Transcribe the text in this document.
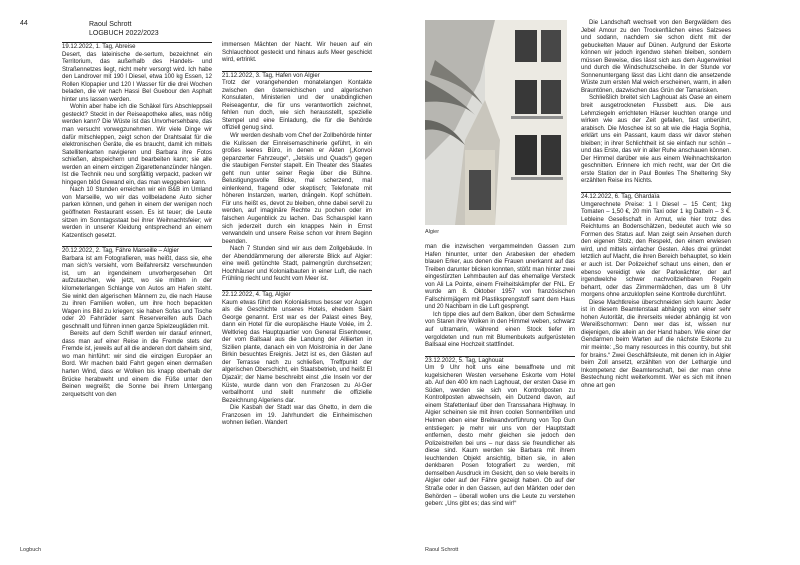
44	Raoul Schrott
LOGBUCH 2022/2023

19.12.2022, 1. Tag, Abreise

Desert, das lateinische de-sertum, bezeichnet ein Territorium, das außerhalb des Handels- und Straßennetzes liegt, nicht mehr versorgt wird. Ich habe den Landrover mit 190 l Diesel, etwa 100 kg Essen, 12 Rollen Klopapier und 120 l Wasser für die drei Wochen beladen, die wir nach Hassi Bel Guebour den Asphalt hinter uns lassen werden.

Wohin aber habe ich die Schäkel fürs Abschleppseil gesteckt? Steckt in der Reiseapotheke alles, was nötig werden kann? Die Wüste ist das Unvorhersehbare, das man versucht vorwegzunehmen. Wir viele Dinge wir dafür mitschleppen, zeigt schon der Drahtsalat für die elektronischen Geräte, die es braucht, damit ich mittels Satellitenkarten navigieren und Barbara ihre Fotos schießen, abspeichern und bearbeiten kann; sie alle werden an einem einzigen Zigarettenanzünder hängen. Ist die Technik neu und sorgfältig verpackt, packen wir hingegen blöd Gewand ein, das man weggeben kann.

Nach 10 Stunden erreichen wir ein B&B im Umland von Marseille, wo wir das vollbeladene Auto sicher parken können, und gehen in einem der wenigen noch geöffneten Restaurant essen. Es ist teuer; die Leute sitzen im Sonntagsstaat bei ihrer Weihnachtsfeier; wir werden in unserer Kleidung entsprechend an einem Katzentisch gesetzt.

20.12.2022, 2. Tag, Fähre Marseille – Algier

Barbara ist am Fotografieren, was heißt, dass sie, ehe man sich's versieht, vom Beifahrersitz verschwunden ist, um an irgendeinem unvorhergesehen Ort aufzutauchen, wie jetzt, wo sie mitten in der kilometerlangen Schlange von Autos am Hafen steht. Sie winkt den algerischen Männern zu, die nach Hause zu ihren Familien wollen, um ihre hoch bepackten Wagen ins Bild zu kriegen; sie haben Sofas und Tische oder 20 Fahrräder samt Reservereifen aufs Dach geschnallt und führen innen ganze Spielzeugläden mit.

Bereits auf dem Schiff werden wir darauf erinnert, dass man auf einer Reise in die Fremde stets der Fremde ist, jeweils auf all die anderen dort daheim sind, wo man hinführt: wir sind die einzigen Europäer an Bord. Wir machen bald Fahrt gegen einen dermaßen harten Wind, dass er Wolken bis knapp oberhalb der Brücke herabweht und einem die Füße unter den Beinen wegreißt; die Sonne bei ihrem Untergang zerquetscht von den

immensen Mächten der Nacht. Wir heuen auf ein Schlauchboot gesteckt und hinaus aufs Meer geschickt wird, ertrinkt.

21.12.2022, 3. Tag, Hafen von Algier

Trotz der vorangehenden monatelangen Kontakte zwischen den österreichischen und algerischen Konsulaten, Ministerien und der unabdinglichen Reiseagentur, die für uns verantwortlich zeichnet, fehlen nun doch, wie sich herausstellt, spezielle Stempel und eine Einladung, die für die Behörde offiziell genug sind.

Wir werden deshalb vom Chef der Zollbehörde hinter die Kulissen der Einreisemaschinerie geführt, in ein großes leeres Büro, in denen er Akten („Konvoi gepanzerter Fahrzeuge“, „Jetskis und Quads“) gegen die staubigen Fenster stapelt. Ein Theater des Staates geht nun unter seiner Regie über die Bühne. Belustigungsvolle Blicke, mal scherzend, mal einlenkend, fragend oder skeptisch; Telefonate mit höheren Instanzen, warten, drängeln. Kopf schütteln. Für uns heißt es, devot zu bleiben, ohne dabei servil zu werden, auf imaginäre Rechte zu pochen oder im falschen Augenblick zu lachen. Das Schauspiel kann sich jederzeit durch ein knappes Nein in Ernst verwandeln und unsere Reise schon vor ihrem Beginn beenden.

Nach 7 Stunden sind wir aus dem Zollgebäude. In der Abenddämmerung der allererste Blick auf Algier: eine weiß getünchte Stadt, palmengrün durchsetzen; Hochhäuser und Kolonialbauten in einer Luft, die nach Frühling riecht und feucht vom Meer ist.

22.12.2022, 4. Tag, Algier

Kaum etwas führt den Kolonialismus besser vor Augen als die Geschichte unseres Hotels, ehedem Saint George genannt. Erst war es der Palast eines Bey, dann ein Hotel für die europäische Haute Volée, im 2. Weltkrieg das Hauptquartier von General Eisenhower, der vom Ballsaal aus die Landung der Alliierten in Sizilien plante, danach ein von Moistroinia in der Jane Birkin besuchtes Ereignis. Jetzt ist es, den Gästen auf der Terrasse nach zu schließen, Treffpunkt der algerischen Oberschicht, ein Staatsbetrieb, und heißt El Djazaïr; der Name beschreibt einst „die Inseln vor der Küste, wurde dann von den Franzosen zu Al-Ger verballhornt und stellt nunmehr die offizielle Bezeichnung Algeriens dar.

Die Kasbah der Stadt war das Ghetto, in dem die Franzosen im 19. Jahrhundert die Einheimischen wohnen ließen. Wandert

Logbuch
Algier

Die Landschaft wechselt von den Bergwäldern des Jebel Amour zu den Trockenflächen eines Salzsees und sodann, nachdem sie schon dicht mit der gebuckelten Mauer auf Dünen. Aufgrund der Eskorte können wir jedoch irgendwo stehen bleiben, sondern müssen Beweise, dies lässt sich aus dem Augenwinkel und durch die Windschutzscheibe. In der Stunde vor Sonnenuntergang lässt das Licht dann die ansetzende Wüste zum ersten Mal weich erscheinen, warm, in allen Brauntönen, dazwischen das Grün der Tamarisken.

Schließlich breitet sich Laghouat als Oase an einem breit ausgetrockneten Flussbett aus. Die aus Lehmziegeln errichteten Häuser leuchten orange und wirken wie aus der Zeit gefallen, fast unberührt, arabisch. Die Moschee ist so alt wie die Hagia Sophia, erklärt uns ein Passant, kaum dass wir davor stehen bleiben; in ihrer Schlichtheit ist sie einfach nur schön – und das Erste, das wir in aller Ruhe anschauen können. Der Himmel darüber wie aus einem Weihnachtskarton geschnitten. Erinnere ich mich recht, war der Ort die erste Station der in Paul Bowles The Sheltering Sky erzählten Reise ins Nichts.

24.12.2022, 6. Tag, Ghardaïa

Umgerechnete Preise: 1 l Diesel – 15 Cent; 1kg Tomaten – 1,50 €, 20 min Taxi oder 1 kg Datteln – 3 €. Lebleine Gesellschaft in Armut, wie hier trotz des Reichtums an Bodenschätzen, bedeutet auch wie so Formen des Status auf. Man zeigt sein Ansehen durch den eigenen Stolz, den Respekt, den einem erwiesen wird, und mittels einfacher Gesten. Alles drei gründet letztlich auf Macht, die ihren Bereich behauptet, so klein er auch ist. Der Polizeichef schaut uns einen, den er ebenso vereidigt wie der Parkwächter, der auf irgendwelche schwer nachvollziehbaren Regeln beharrt, oder das Zimmermädchen, das um 8 Uhr morgens ohne anzuklopfen seine Kontrolle durchführt.

Diese Machtkreise überschneiden sich kaum: Jeder ist in diesem Beamtenstaat abhängig von einer sehr hohen Autorität, die ihrerseits wieder abhängig ist von Wereißschornwn: Denn wer das ist, wissen nur diejenigen, die allein an der Hand haben. Wie einer der Gendarmen beim Warten auf die nächste Eskorte zu mir meinte: „So many resources in this country, but shit for brains.“ Zwei Geschäftsleute, mit denen ich in Algier beim Zoll ansetzt, erzählten von der Lethargie und Inkompetenz der Beamtenschaft, bei der man ohne Bestechung nicht weiterkommt. Wer es sich mit ihnen ohne art gen

man die inzwischen vergammelnden Gassen zum Hafen hinunter, unter den Arabesken der ehedem blauen Erker, aus denen die Frauen unerkannt auf das Treiben darunter blicken konnten, stößt man hinter zwei eingestürzten Lehmbauten auf das ehemalige Versteck von Ali La Pointe, einem Freiheitskämpfer der FNL. Er wurde am 8. Oktober 1957 von französischen Fallschirmjägern mit Plastiksprengstoff samt dem Haus und 20 Nachbarn in die Luft gesprengt.

Ich tippe dies auf dem Balkon, über dem Schwärme von Staren ihre Wolken in den Himmel weben, schwarz auf ultramarin, während einen Stock tiefer im vergoldeten und nun mit Blumenbukets aufgerüsteten Ballsaal eine Hochzeit stattfindet.

23.12.2022, 5. Tag, Laghouat

Um 9 Uhr holt uns eine bewaffnete und mit kugelsicheren Westen versehene Eskorte vom Hotel ab. Auf den 400 km nach Laghouat, der ersten Oase im Süden, werden sie sich von Kontrollposten zu Kontrollposten abwechseln, ein Dutzend davon, auf einem Stafettenlauf über den Transsahara Highway. In Algier scheinen sie mit ihren coolen Sonnenbrillen und Helmen eben einer Breitwandvorführung von Top Gun entstiegen: je mehr wir uns von der Hauptstadt entfernen, desto mehr gleichen sie jedoch den Polizeistreifen bei uns – nur dass sie freundlicher als diese sind. Kaum werden sie Barbara mit ihrem leuchtenden Objekt ansichtig, bitten sie, in allen denkbaren Posen fotografiert zu werden, mit demselben Ausdruck im Gesicht, den so viele bereits in Algier oder auf der Fähre gezeigt haben. Ob auf der Straße oder in den Gassen, auf den Märkten oder den Behörden – überall wollen uns die Leute zu verstehen geben: „Uns gibt es; das sind wir!“

Raoul Schrott
